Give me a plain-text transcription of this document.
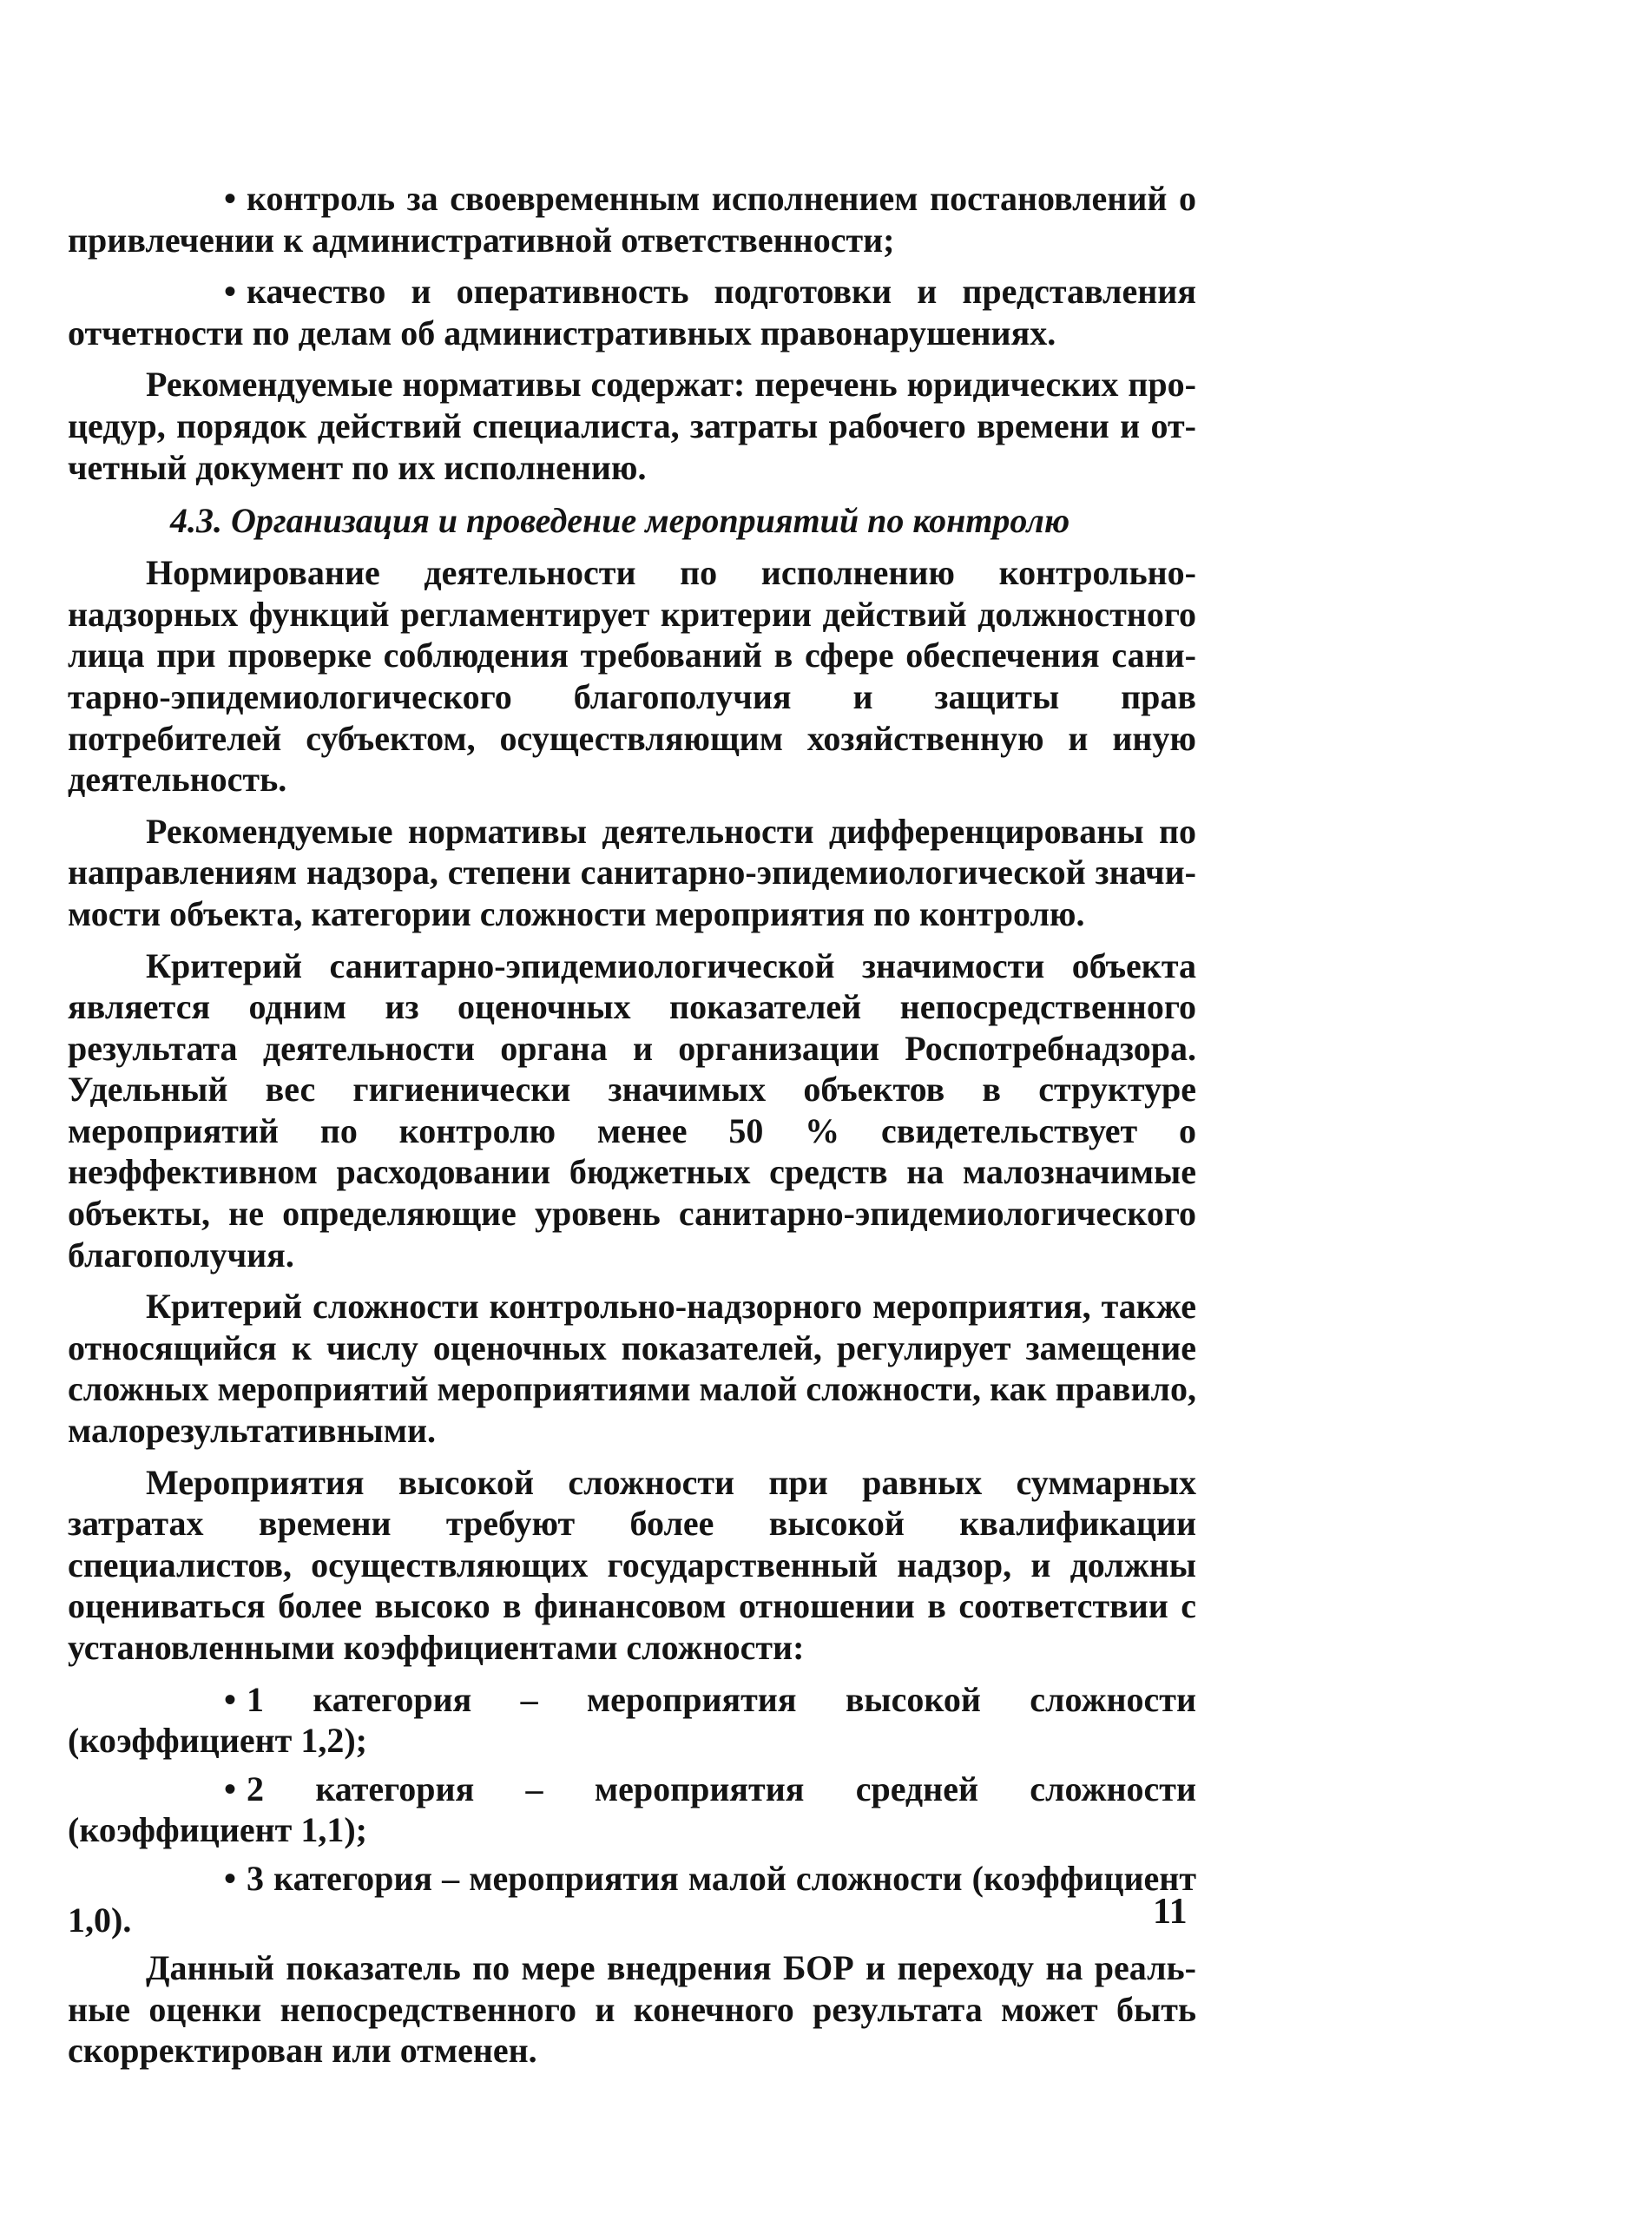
• контроль за своевременным исполнением постановлений о привлечении к административной ответственности;
• качество и оперативность подготовки и представления отчетности по делам об административных правонарушениях.

Рекомендуемые нормативы содержат: перечень юридических процедур, порядок действий специалиста, затраты рабочего времени и отчетный документ по их исполнению.

4.3. Организация и проведение мероприятий по контролю

Нормирование деятельности по исполнению контрольно-надзорных функций регламентирует критерии действий должностного лица при проверке соблюдения требований в сфере обеспечения санитарно-эпидемиологического благополучия и защиты прав потребителей субъектом, осуществляющим хозяйственную и иную деятельность.

Рекомендуемые нормативы деятельности дифференцированы по направлениям надзора, степени санитарно-эпидемиологической значимости объекта, категории сложности мероприятия по контролю.

Критерий санитарно-эпидемиологической значимости объекта является одним из оценочных показателей непосредственного результата деятельности органа и организации Роспотребнадзора. Удельный вес гигиенически значимых объектов в структуре мероприятий по контролю менее 50 % свидетельствует о неэффективном расходовании бюджетных средств на малозначимые объекты, не определяющие уровень санитарно-эпидемиологического благополучия.

Критерий сложности контрольно-надзорного мероприятия, также относящийся к числу оценочных показателей, регулирует замещение сложных мероприятий мероприятиями малой сложности, как правило, малорезультативными.

Мероприятия высокой сложности при равных суммарных затратах времени требуют более высокой квалификации специалистов, осуществляющих государственный надзор, и должны оцениваться более высоко в финансовом отношении в соответствии с установленными коэффициентами сложности:

• 1 категория – мероприятия высокой сложности (коэффициент 1,2);
• 2 категория – мероприятия средней сложности (коэффициент 1,1);
• 3 категория – мероприятия малой сложности (коэффициент 1,0).

Данный показатель по мере внедрения БОР и переходу на реальные оценки непосредственного и конечного результата может быть скорректирован или отменен.

11
